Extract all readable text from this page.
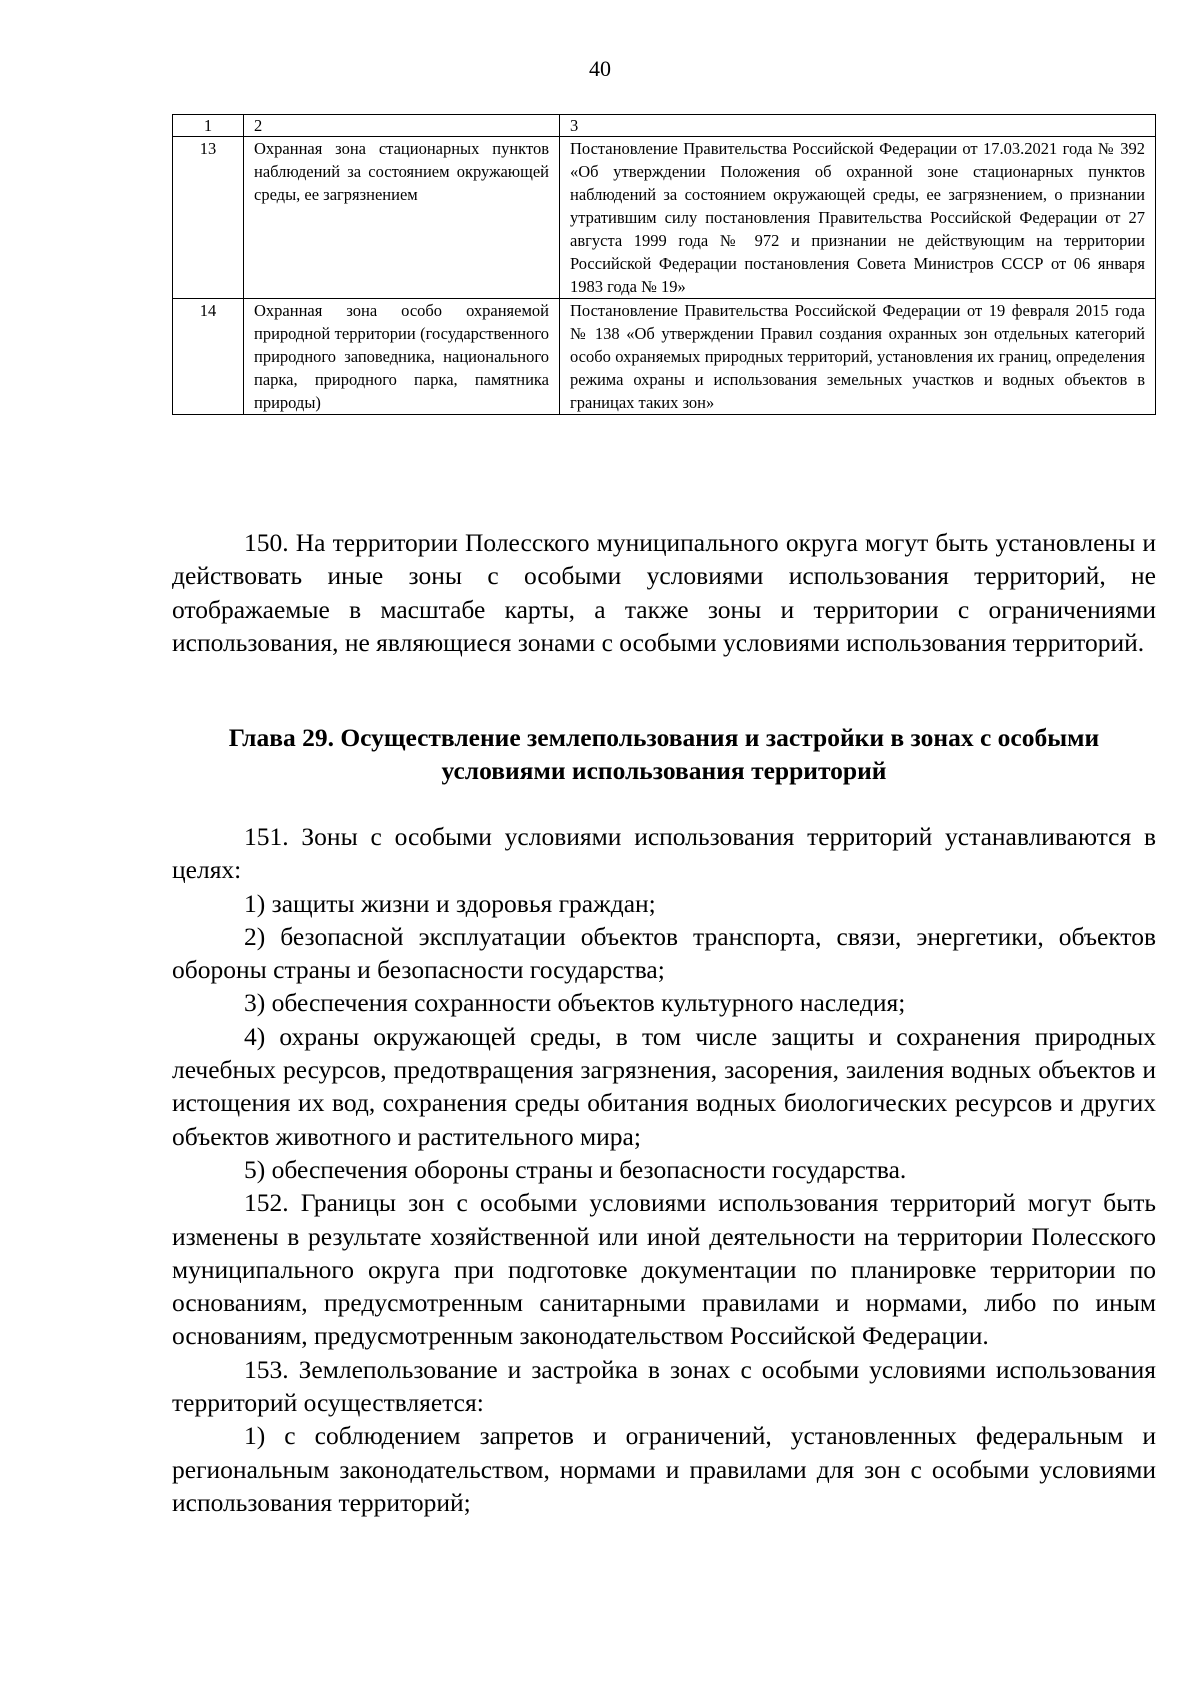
40
1	2	3
13	Охранная зона стационарных пунктов наблюдений за состоянием окружающей среды, ее загрязнением	Постановление Правительства Российской Федерации от 17.03.2021 года № 392 «Об утверждении Положения об охранной зоне стационарных пунктов наблюдений за состоянием окружающей среды, ее загрязнением, о признании утратившим силу постановления Правительства Российской Федерации от 27 августа 1999 года № 972 и признании не действующим на территории Российской Федерации постановления Совета Министров СССР от 06 января 1983 года № 19»
14	Охранная зона особо охраняемой природной территории (государственного природного заповедника, национального парка, природного парка, памятника природы)	Постановление Правительства Российской Федерации от 19 февраля 2015 года № 138 «Об утверждении Правил создания охранных зон отдельных категорий особо охраняемых природных территорий, установления их границ, определения режима охраны и использования земельных участков и водных объектов в границах таких зон»

150. На территории Полесского муниципального округа могут быть установлены и действовать иные зоны с особыми условиями использования территорий, не отображаемые в масштабе карты, а также зоны и территории с ограничениями использования, не являющиеся зонами с особыми условиями использования территорий.

Глава 29. Осуществление землепользования и застройки в зонах с особыми
условиями использования территорий

151. Зоны с особыми условиями использования территорий устанавливаются в целях:

1) защиты жизни и здоровья граждан;

2) безопасной эксплуатации объектов транспорта, связи, энергетики, объектов обороны страны и безопасности государства;

3) обеспечения сохранности объектов культурного наследия;

4) охраны окружающей среды, в том числе защиты и сохранения природных лечебных ресурсов, предотвращения загрязнения, засорения, заиления водных объектов и истощения их вод, сохранения среды обитания водных биологических ресурсов и других объектов животного и растительного мира;

5) обеспечения обороны страны и безопасности государства.

152. Границы зон с особыми условиями использования территорий могут быть изменены в результате хозяйственной или иной деятельности на территории Полесского муниципального округа при подготовке документации по планировке территории по основаниям, предусмотренным санитарными правилами и нормами, либо по иным основаниям, предусмотренным законодательством Российской Федерации.

153. Землепользование и застройка в зонах с особыми условиями использования территорий осуществляется:

1) с соблюдением запретов и ограничений, установленных федеральным и региональным законодательством, нормами и правилами для зон с особыми условиями использования территорий;
